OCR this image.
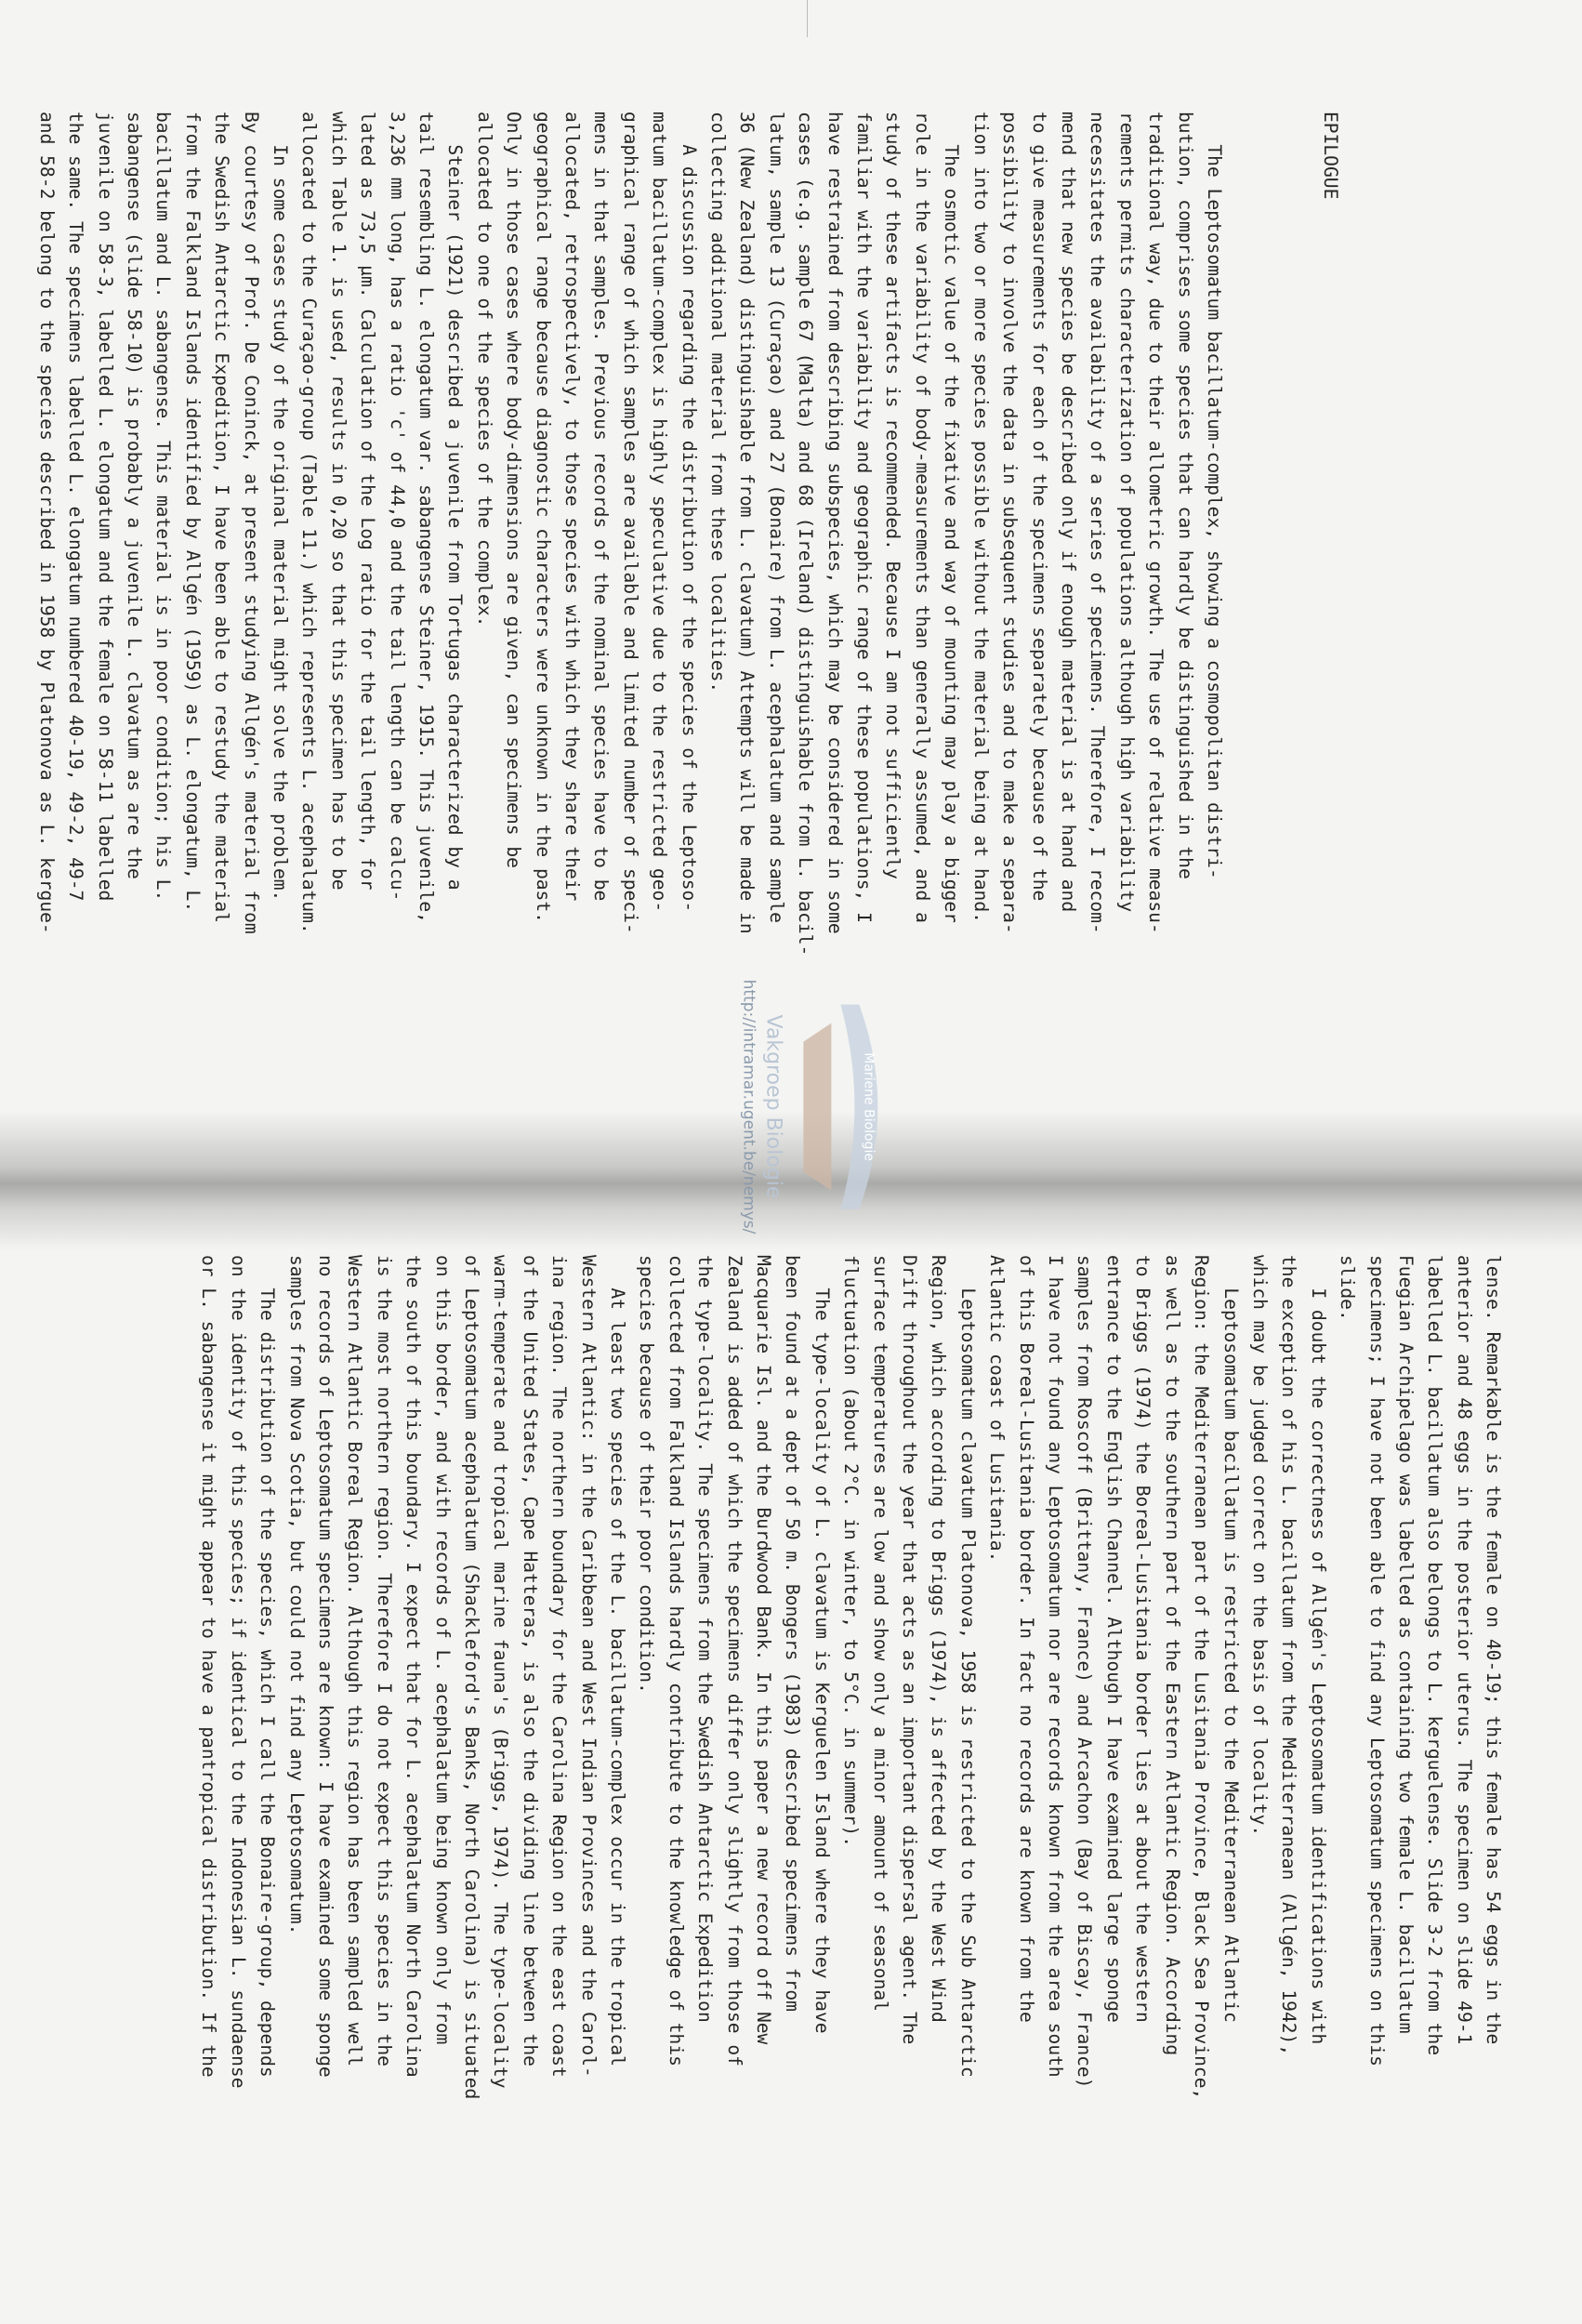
EPILOGUE

The Leptosomatum bacillatum-complex, showing a cosmopolitan distri-
bution, comprises some species that can hardly be distinguished in the
traditional way, due to their allometric growth. The use of relative measu-
rements permits characterization of populations although high variability
necessitates the availability of a series of specimens. Therefore, I recom-
mend that new species be described only if enough material is at hand and
to give measurements for each of the specimens separately because of the
possibility to involve the data in subsequent studies and to make a separa-
tion into two or more species possible without the material being at hand.
The osmotic value of the fixative and way of mounting may play a bigger
role in the variability of body-measurements than generally assumed, and a
study of these artifacts is recommended. Because I am not sufficiently
familiar with the variability and geographic range of these populations, I
have restrained from describing subspecies, which may be considered in some
cases (e.g. sample 67 (Malta) and 68 (Ireland) distinguishable from L. bacil-
latum, sample 13 (Curaçao) and 27 (Bonaire) from L. acephalatum and sample
36 (New Zealand) distinguishable from L. clavatum) Attempts will be made in
collecting additional material from these localities.
A discussion regarding the distribution of the species of the Leptoso-
matum bacillatum-complex is highly speculative due to the restricted geo-
graphical range of which samples are available and limited number of speci-
mens in that samples. Previous records of the nominal species have to be
allocated, retrospectively, to those species with which they share their
geographical range because diagnostic characters were unknown in the past.
Only in those cases where body-dimensions are given, can specimens be
allocated to one of the species of the complex.
Steiner (1921) described a juvenile from Tortugas characterized by a
tail resembling L. elongatum var. sabangense Steiner, 1915. This juvenile,
3,236 mm long, has a ratio 'c' of 44,0 and the tail length can be calcu-
lated as 73,5 µm. Calculation of the Log ratio for the tail length, for
which Table 1. is used, results in 0,20 so that this specimen has to be
allocated to the Curaçao-group (Table 11.) which represents L. acephalatum.
In some cases study of the original material might solve the problem.
By courtesy of Prof. De Coninck, at present studying Allgén's material from
the Swedish Antarctic Expedition, I have been able to restudy the material
from the Falkland Islands identified by Allgén (1959) as L. elongatum, L.
bacillatum and L. sabangense. This material is in poor condition; his L.
sabangense (slide 58-10) is probably a juvenile L. clavatum as are the
juvenile on 58-3, labelled L. elongatum and the female on 58-11 labelled
the same. The specimens labelled L. elongatum numbered 40-19, 49-2, 49-7
and 58-2 belong to the species described in 1958 by Platonova as L. kergue-

lense. Remarkable is the female on 40-19; this female has 54 eggs in the
anterior and 48 eggs in the posterior uterus. The specimen on slide 49-1
labelled L. bacillatum also belongs to L. kerguelense. Slide 3-2 from the
Fuegian Archipelago was labelled as containing two female L. bacillatum
specimens; I have not been able to find any Leptosomatum specimens on this
slide.
I doubt the correctness of Allgén's Leptosomatum identifications with
the exception of his L. bacillatum from the Mediterranean (Allgén, 1942),
which may be judged correct on the basis of locality.
Leptosomatum bacillatum is restricted to the Mediterranean Atlantic
Region: the Mediterranean part of the Lusitania Province, Black Sea Province,
as well as to the southern part of the Eastern Atlantic Region. According
to Briggs (1974) the Boreal-Lusitania border lies at about the western
entrance to the English Channel. Although I have examined large sponge
samples from Roscoff (Brittany, France) and Arcachon (Bay of Biscay, France)
I have not found any Leptosomatum nor are records known from the area south
of this Boreal-Lusitania border. In fact no records are known from the
Atlantic coast of Lusitania.
Leptosomatum clavatum Platonova, 1958 is restricted to the Sub Antarctic
Region, which according to Briggs (1974), is affected by the West Wind
Drift throughout the year that acts as an important dispersal agent. The
surface temperatures are low and show only a minor amount of seasonal
fluctuation (about 2°C. in winter, to 5°C. in summer).
The type-locality of L. clavatum is Kerguelen Island where they have
been found at a dept of 50 m. Bongers (1983) described specimens from
Macquarie Isl. and the Burdwood Bank. In this paper a new record off New
Zealand is added of which the specimens differ only slightly from those of
the type-locality. The specimens from the Swedish Antarctic Expedition
collected from Falkland Islands hardly contribute to the knowledge of this
species because of their poor condition.
At least two species of the L. bacillatum-complex occur in the tropical
Western Atlantic: in the Caribbean and West Indian Provinces and the Carol-
ina region. The northern boundary for the Carolina Region on the east coast
of the United States, Cape Hatteras, is also the dividing line between the
warm-temperate and tropical marine fauna's (Briggs, 1974). The type-locality
of Leptosomatum acephalatum (Shackleford's Banks, North Carolina) is situated
on this border, and with records of L. acephalatum being known only from
the south of this boundary. I expect that for L. acephalatum North Carolina
is the most northern region. Therefore I do not expect this species in the
Western Atlantic Boreal Region. Although this region has been sampled well
no records of Leptosomatum specimens are known: I have examined some sponge
samples from Nova Scotia, but could not find any Leptosomatum.
The distribution of the species, which I call the Bonaire-group, depends
on the identity of this species; if identical to the Indonesian L. sundaense
or L. sabangense it might appear to have a pantropical distribution. If the

Mariene Biologie
Vakgroep Biologie
http://intramar.ugent.be/nemys/
